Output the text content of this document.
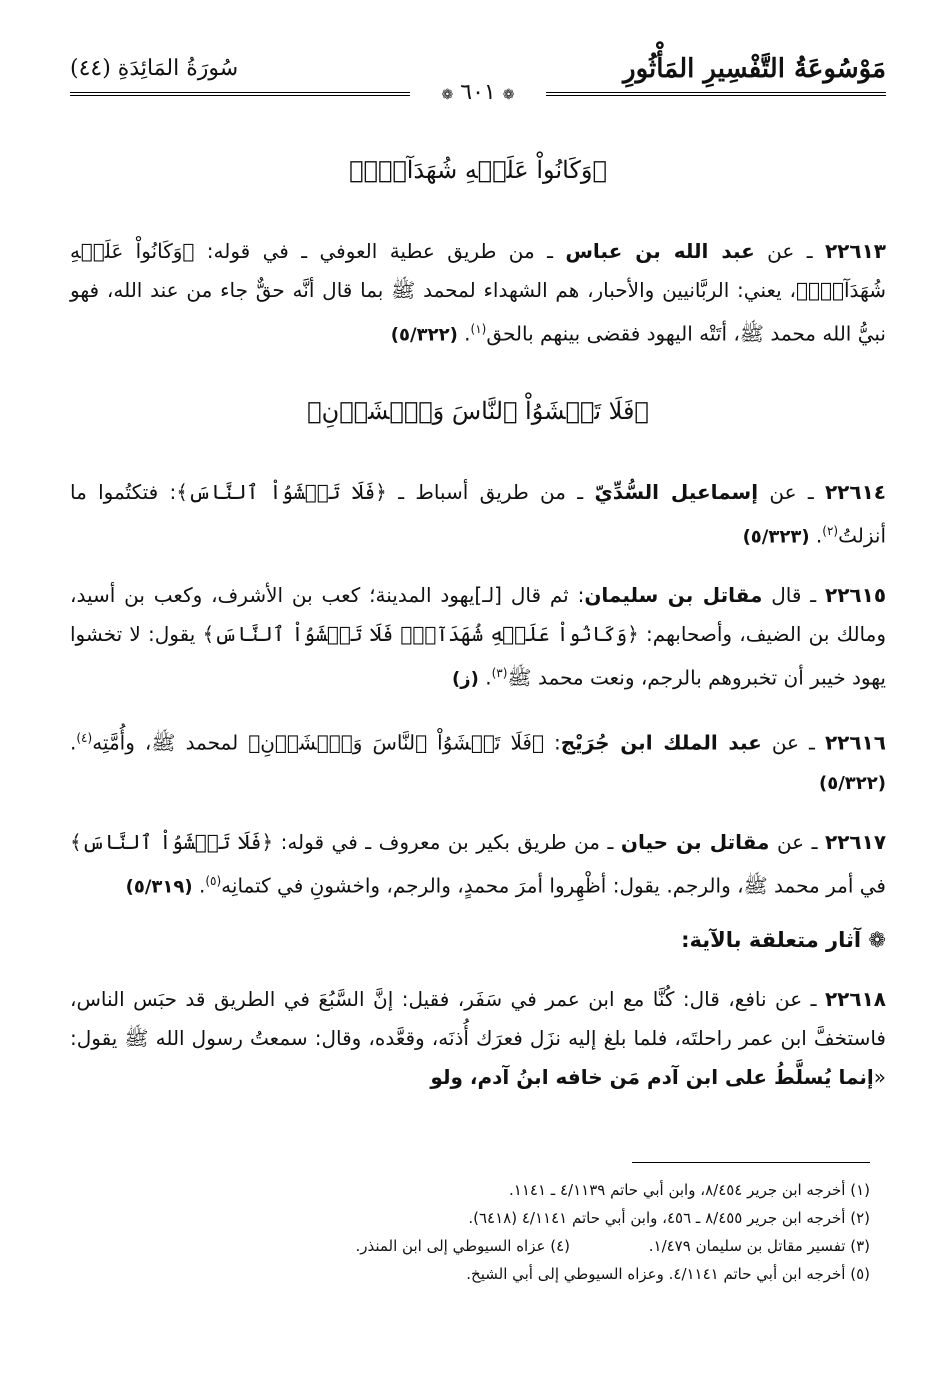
مَوْسُوعَةُ التَّفْسِيرِ المَأْثُورِ
سُورَةُ المَائِدَةِ (٤٤)
❁ ٦٠١ ❁
﴿وَكَانُواْ عَلَيۡهِ شُهَدَآءَۚ﴾

٢٢٦١٣ ـ عن عبد الله بن عباس ـ من طريق عطية العوفي ـ في قوله: ﴿وَكَانُواْ عَلَيۡهِ شُهَدَآءَۚ﴾، يعني: الربَّانيين والأحبار، هم الشهداء لمحمد ﷺ بما قال أنَّه حقٌّ جاء من عند الله، فهو نبيُّ الله محمد ﷺ، أتَتْه اليهود فقضى بينهم بالحق$^{(١)}$. (٥/٣٢٢)

﴿فَلَا تَخۡشَوُاْ ٱلنَّاسَ وَٱخۡشَوۡنِ﴾

٢٢٦١٤ ـ عن إسماعيل السُّدِّيّ ـ من طريق أسباط ـ ﴿فَلَا تَخۡشَوُاْ ٱلنَّاسَ﴾: فتكتُموا ما أنزلتُ$^{(٢)}$. (٥/٣٢٣)

٢٢٦١٥ ـ قال مقاتل بن سليمان: ثم قال [لـ]يهود المدينة؛ كعب بن الأشرف، وكعب بن أسيد، ومالك بن الضيف، وأصحابهم: ﴿وَكَانُواْ عَلَيۡهِ شُهَدَآءَۚ فَلَا تَخۡشَوُاْ ٱلنَّاسَ﴾ يقول: لا تخشوا يهود خيبر أن تخبروهم بالرجم، ونعت محمد ﷺ$^{(٣)}$. (ز)

٢٢٦١٦ ـ عن عبد الملك ابن جُرَيْج: ﴿فَلَا تَخۡشَوُاْ ٱلنَّاسَ وَٱخۡشَوۡنِ﴾ لمحمد ﷺ، وأُمَّتِه$^{(٤)}$. (٥/٣٢٢)

٢٢٦١٧ ـ عن مقاتل بن حيان ـ من طريق بكير بن معروف ـ في قوله: ﴿فَلَا تَخۡشَوُاْ ٱلنَّاسَ﴾ في أمر محمد ﷺ، والرجم. يقول: أظْهِروا أمرَ محمدٍ، والرجم، واخشونِ في كتمانِه$^{(٥)}$. (٥/٣١٩)

❁ آثار متعلقة بالآية:

٢٢٦١٨ ـ عن نافع، قال: كُنَّا مع ابن عمر في سَفَر، فقيل: إنَّ السَّبُعَ في الطريق قد حبَس الناس، فاستخفَّ ابن عمر راحلتَه، فلما بلغ إليه نزَل فعرَك أُذنَه، وقعَّده، وقال: سمعتُ رسول الله ﷺ يقول: «إنما يُسلَّطُ على ابن آدم مَن خافه ابنُ آدم، ولو

(١) أخرجه ابن جرير ٨/٤٥٤، وابن أبي حاتم ٤/١١٣٩ ـ ١١٤١.
(٢) أخرجه ابن جرير ٨/٤٥٥ ـ ٤٥٦، وابن أبي حاتم ٤/١١٤١ (٦٤١٨).
(٣) تفسير مقاتل بن سليمان ١/٤٧٩.
(٤) عزاه السيوطي إلى ابن المنذر.
(٥) أخرجه ابن أبي حاتم ٤/١١٤١. وعزاه السيوطي إلى أبي الشيخ.
